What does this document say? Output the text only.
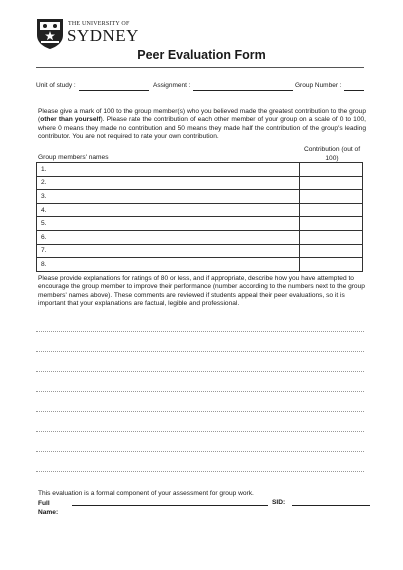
THE UNIVERSITY OF
SYDNEY
Peer Evaluation Form
Unit of study :	Assignment :	Group Number :
Please give a mark of 100 to the group member(s) who you believed made the greatest contribution to the group (other than yourself). Please rate the contribution of each other member of your group on a scale of 0 to 100, where 0 means they made no contribution and 50 means they made half the contribution of the group's leading contributor. You are not required to rate your own contribution.
Group members' names
Contribution (out of 100)
1.	
2.	
3.	
4.	
5.	
6.	
7.	
8.	
Please provide explanations for ratings of 80 or less, and if appropriate, describe how you have attempted to encourage the group member to improve their performance (number according to the numbers next to the group members' names above). These comments are reviewed if students appeal their peer evaluations, so it is important that your explanations are factual, legible and professional.
This evaluation is a formal component of your assessment for group work.
Full Name:
SID:
